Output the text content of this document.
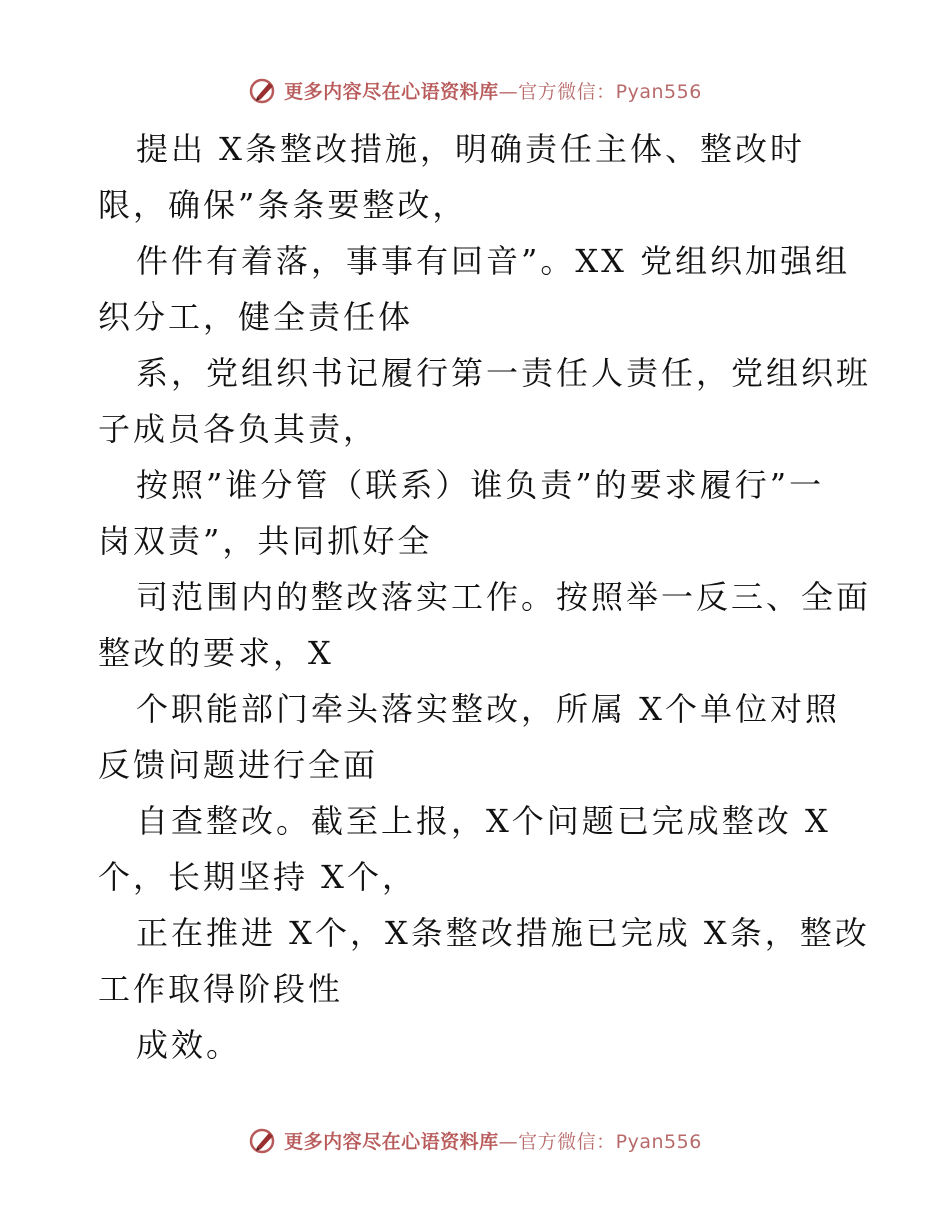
更多内容尽在心语资料库—官方微信：Pyan556
提出 X条整改措施，明确责任主体、整改时
限，确保”条条要整改，
件件有着落，事事有回音”。XX 党组织加强组
织分工，健全责任体
系，党组织书记履行第一责任人责任，党组织班
子成员各负其责，
按照”谁分管（联系）谁负责”的要求履行”一
岗双责”，共同抓好全
司范围内的整改落实工作。按照举一反三、全面
整改的要求，X
个职能部门牵头落实整改，所属 X个单位对照
反馈问题进行全面
自查整改。截至上报，X个问题已完成整改 X
个，长期坚持 X个，
正在推进 X个，X条整改措施已完成 X条，整改
工作取得阶段性
成效。
更多内容尽在心语资料库—官方微信：Pyan556
